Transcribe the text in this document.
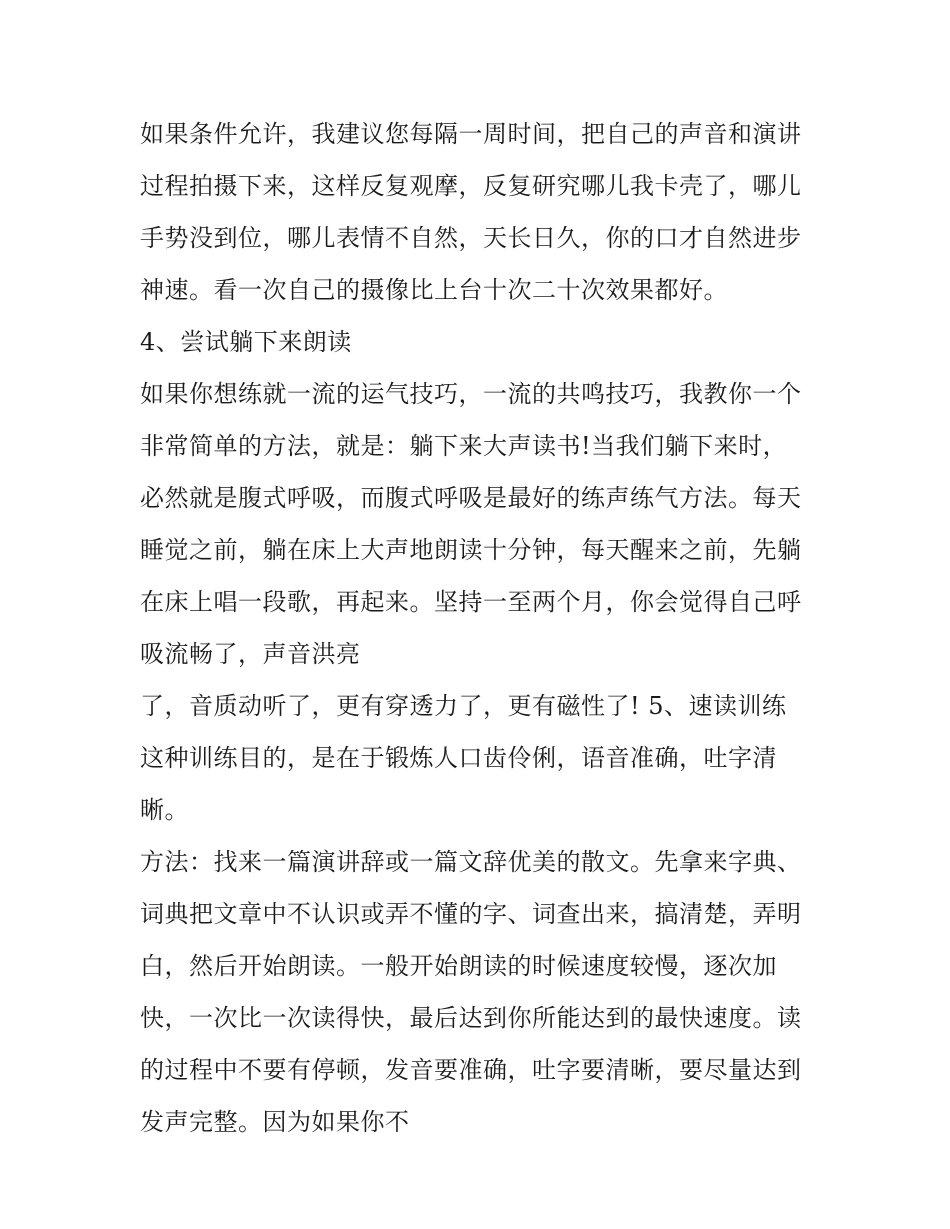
如果条件允许，我建议您每隔一周时间，把自己的声音和演讲
过程拍摄下来，这样反复观摩，反复研究哪儿我卡壳了，哪儿
手势没到位，哪儿表情不自然，天长日久，你的口才自然进步
神速。看一次自己的摄像比上台十次二十次效果都好。
4、尝试躺下来朗读
如果你想练就一流的运气技巧，一流的共鸣技巧，我教你一个
非常简单的方法，就是：躺下来大声读书!当我们躺下来时，
必然就是腹式呼吸，而腹式呼吸是最好的练声练气方法。每天
睡觉之前，躺在床上大声地朗读十分钟，每天醒来之前，先躺
在床上唱一段歌，再起来。坚持一至两个月，你会觉得自己呼
吸流畅了，声音洪亮
了，音质动听了，更有穿透力了，更有磁性了! 5、速读训练
这种训练目的，是在于锻炼人口齿伶俐，语音准确，吐字清
晰。
方法：找来一篇演讲辞或一篇文辞优美的散文。先拿来字典、
词典把文章中不认识或弄不懂的字、词查出来，搞清楚，弄明
白，然后开始朗读。一般开始朗读的时候速度较慢，逐次加
快，一次比一次读得快，最后达到你所能达到的最快速度。读
的过程中不要有停顿，发音要准确，吐字要清晰，要尽量达到
发声完整。因为如果你不
